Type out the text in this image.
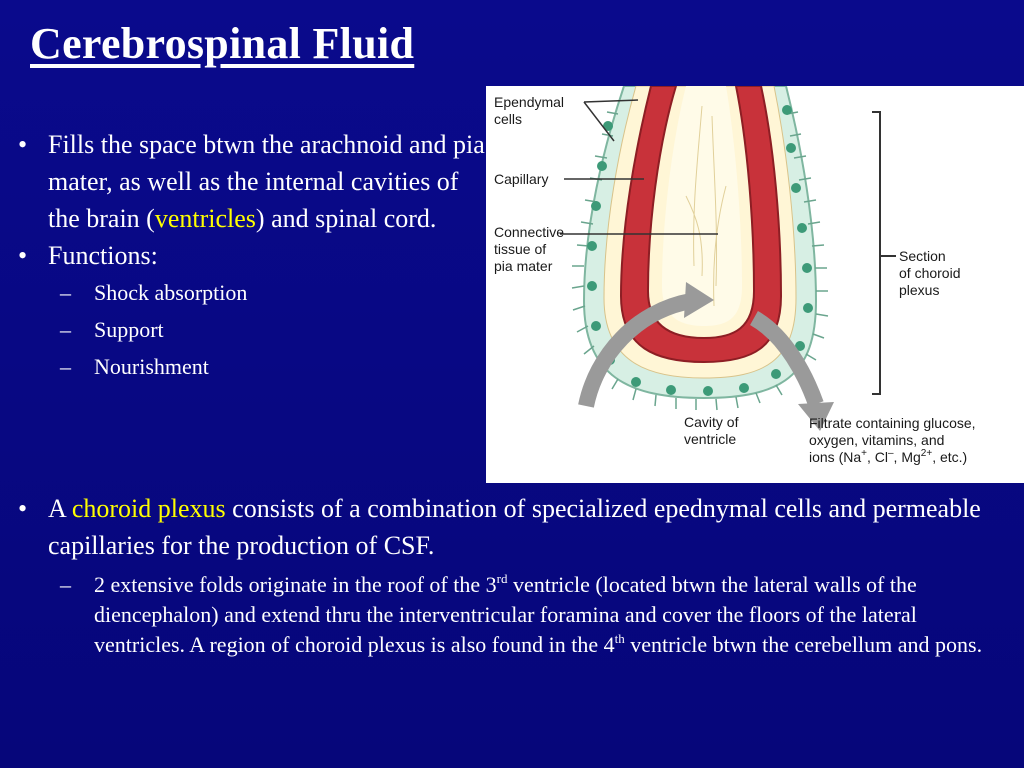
Cerebrospinal Fluid
• Fills the space btwn the arachnoid and pia mater, as well as the internal cavities of the brain (ventricles) and spinal cord.
• Functions:
–	Shock absorption
–	Support
–	Nourishment
• A choroid plexus consists of a combination of specialized epednymal cells and permeable capillaries for the production of CSF.
–	2 extensive folds originate in the roof of the 3rd ventricle (located btwn the lateral walls of the diencephalon) and extend thru the interventricular foramina and cover the floors of the lateral ventricles. A region of choroid plexus is also found in the 4th ventricle btwn the cerebellum and pons.
Ependymal
cells
Capillary
Connective
tissue of
pia mater
Section
of choroid
plexus
Cavity of
ventricle
Filtrate containing glucose,
oxygen, vitamins, and
ions (Na+, Cl–, $Mg^{2+}$, etc.)
